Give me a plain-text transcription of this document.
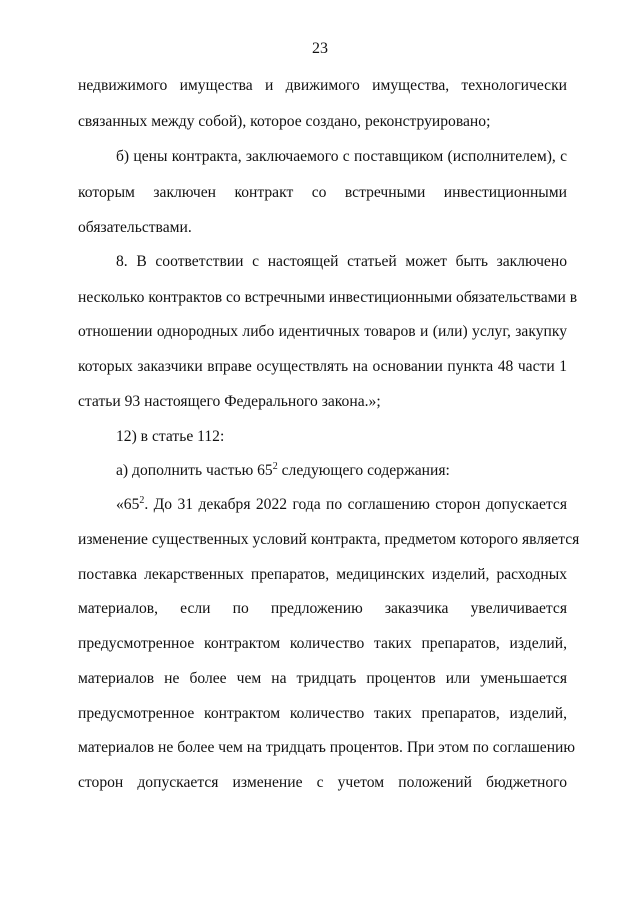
23
недвижимого имущества и движимого имущества, технологически
связанных между собой), которое создано, реконструировано;
б) цены контракта, заключаемого с поставщиком (исполнителем), с
которым заключен контракт со встречными инвестиционными
обязательствами.
8. В соответствии с настоящей статьей может быть заключено
несколько контрактов со встречными инвестиционными обязательствами в
отношении однородных либо идентичных товаров и (или) услуг, закупку
которых заказчики вправе осуществлять на основании пункта 48 части 1
статьи 93 настоящего Федерального закона.»;
12) в статье 112:
а) дополнить частью $65^2$ следующего содержания:
«$65^2$. До 31 декабря 2022 года по соглашению сторон допускается
изменение существенных условий контракта, предметом которого является
поставка лекарственных препаратов, медицинских изделий, расходных
материалов, если по предложению заказчика увеличивается
предусмотренное контрактом количество таких препаратов, изделий,
материалов не более чем на тридцать процентов или уменьшается
предусмотренное контрактом количество таких препаратов, изделий,
материалов не более чем на тридцать процентов. При этом по соглашению
сторон допускается изменение с учетом положений бюджетного
